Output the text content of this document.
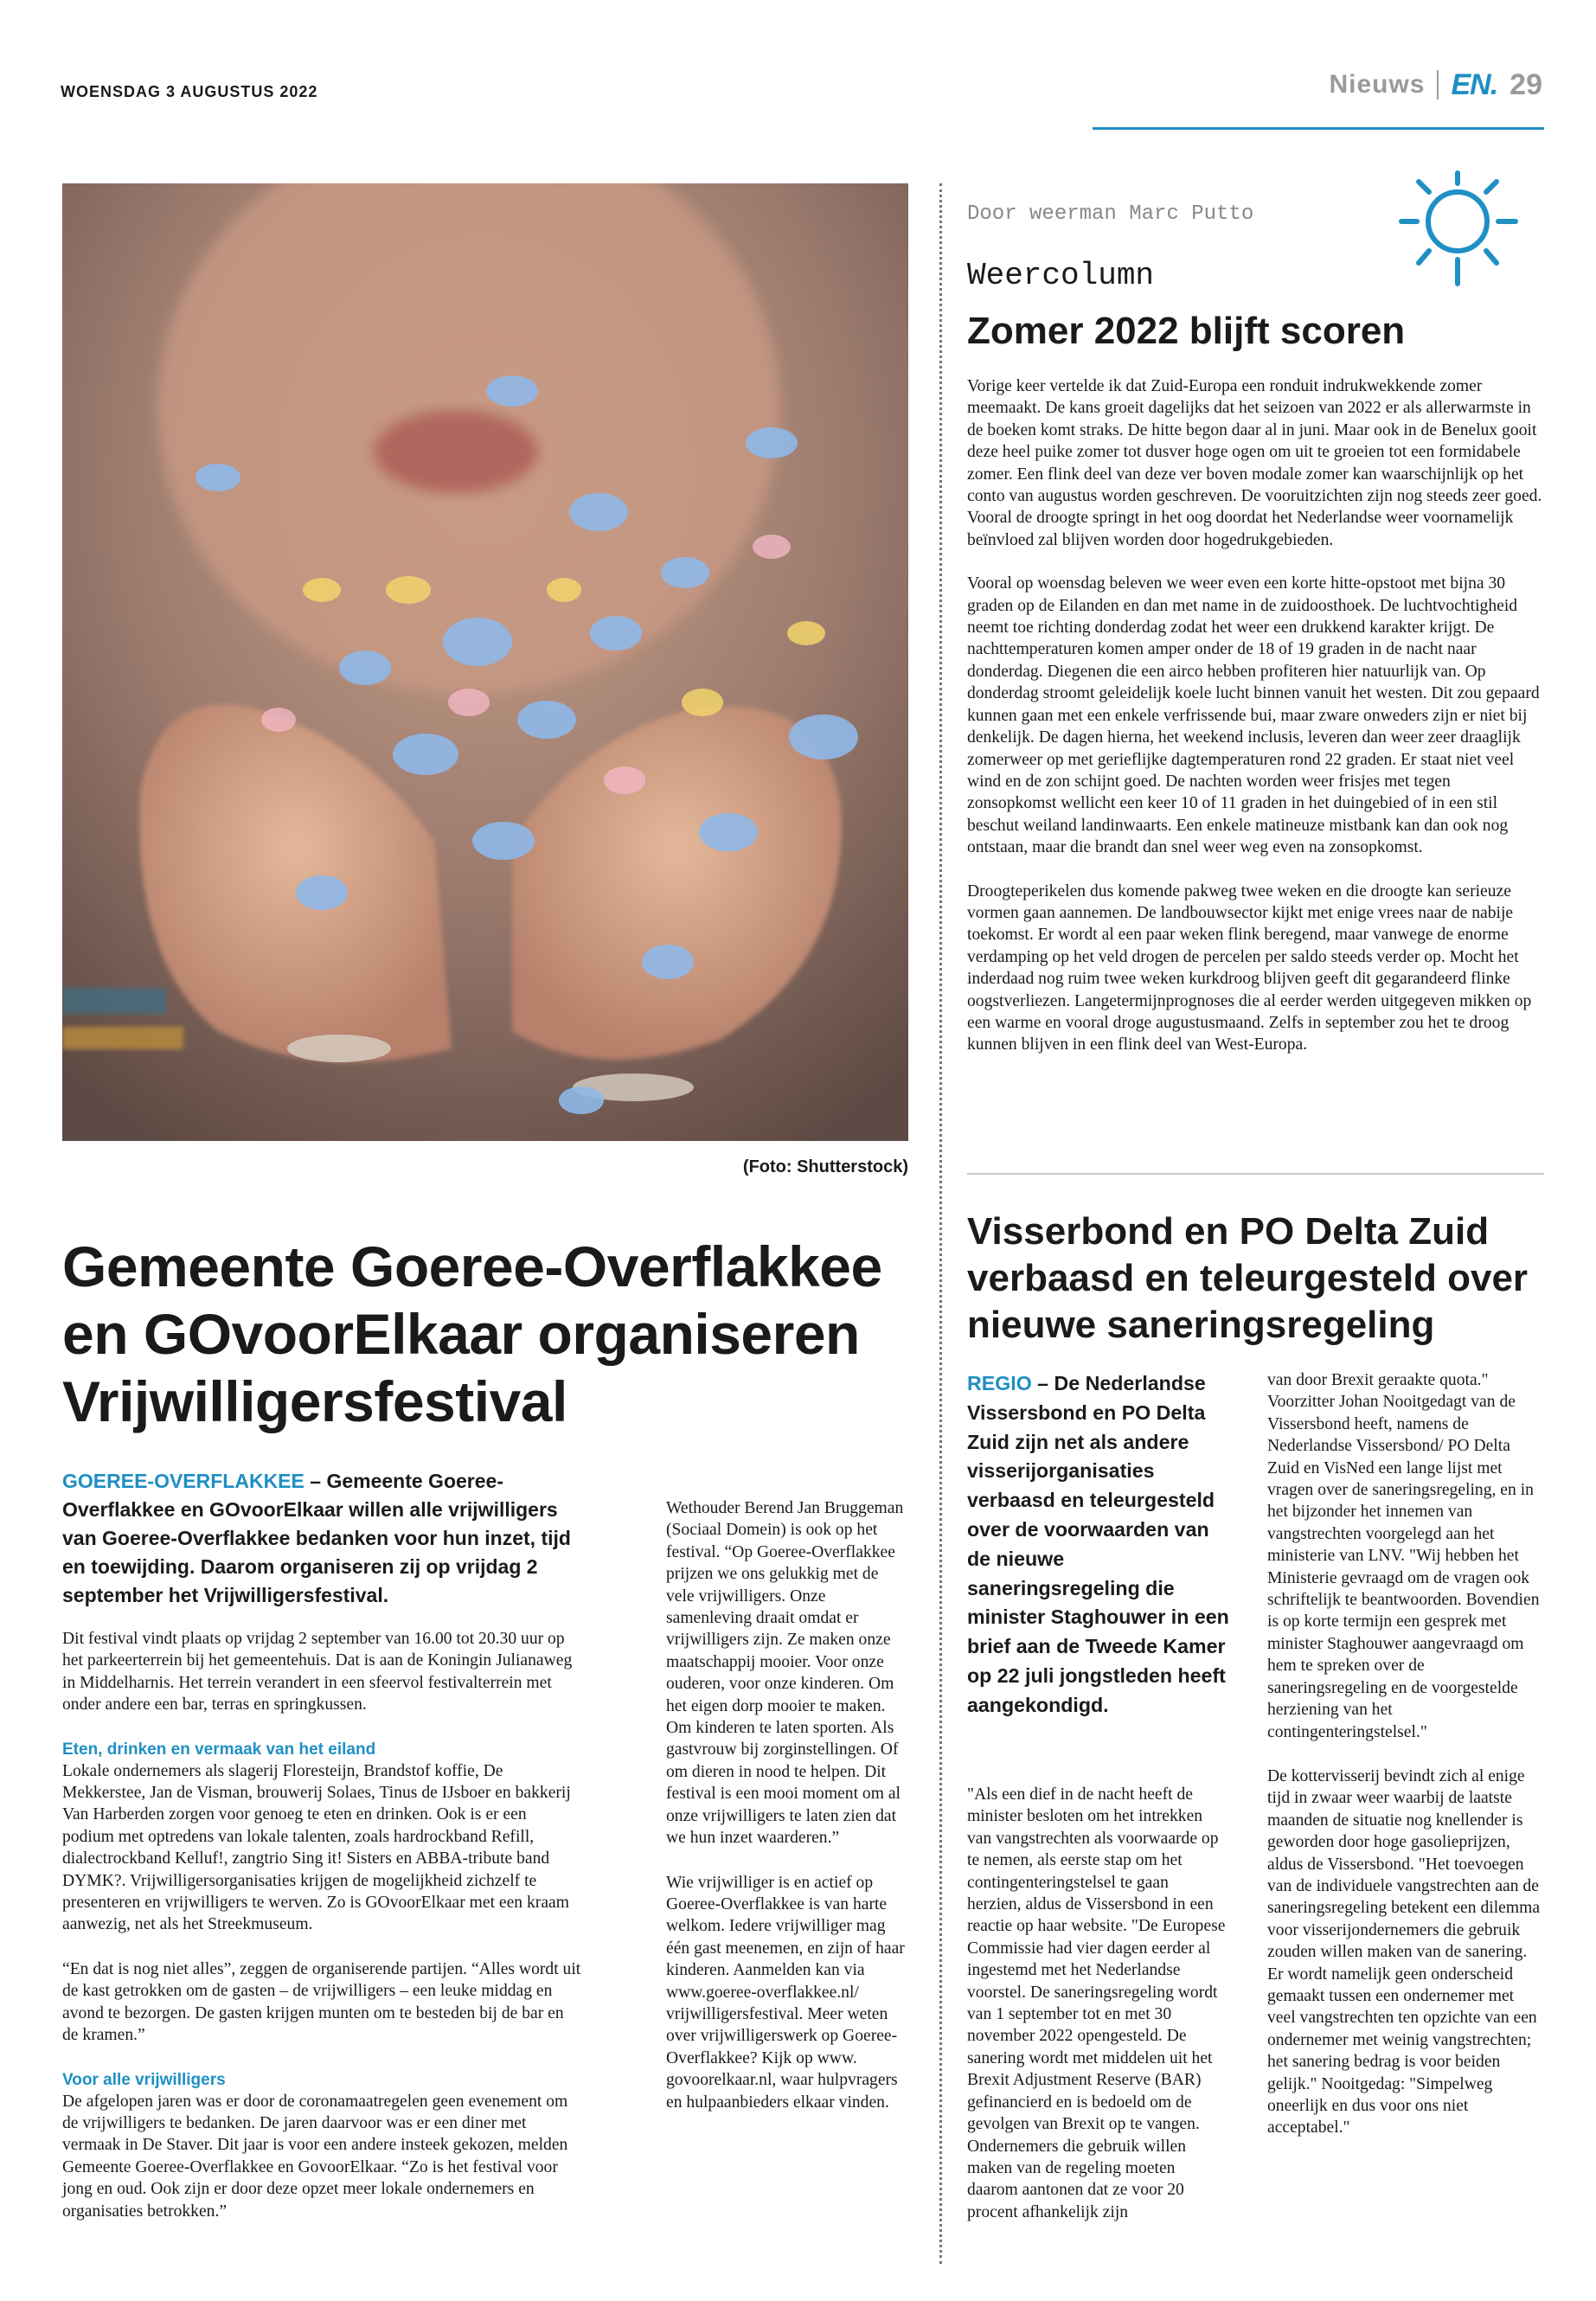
WOENSDAG 3 AUGUSTUS 2022	Nieuws EN. 29
(Foto: Shutterstock)
Door weerman Marc Putto
Weercolumn
Zomer 2022 blijft scoren

Vorige keer vertelde ik dat Zuid-Europa een ronduit indrukwekkende zomer meemaakt. De kans groeit dagelijks dat het seizoen van 2022 er als allerwarmste in de boeken komt straks. De hitte begon daar al in juni. Maar ook in de Benelux gooit deze heel puike zomer tot dusver hoge ogen om uit te groeien tot een formidabele zomer. Een flink deel van deze ver boven modale zomer kan waarschijnlijk op het conto van augustus worden geschreven. De vooruitzichten zijn nog steeds zeer goed. Vooral de droogte springt in het oog doordat het Nederlandse weer voornamelijk beïnvloed zal blijven worden door hogedrukgebieden.

Vooral op woensdag beleven we weer even een korte hitte-opstoot met bijna 30 graden op de Eilanden en dan met name in de zuidoosthoek. De luchtvochtigheid neemt toe richting donderdag zodat het weer een drukkend karakter krijgt. De nachttemperaturen komen amper onder de 18 of 19 graden in de nacht naar donderdag. Diegenen die een airco hebben profiteren hier natuurlijk van. Op donderdag stroomt geleidelijk koele lucht binnen vanuit het westen. Dit zou gepaard kunnen gaan met een enkele verfrissende bui, maar zware onweders zijn er niet bij denkelijk. De dagen hierna, het weekend inclusis, leveren dan weer zeer draaglijk zomerweer op met gerieflijke dagtemperaturen rond 22 graden. Er staat niet veel wind en de zon schijnt goed. De nachten worden weer frisjes met tegen zonsopkomst wellicht een keer 10 of 11 graden in het duingebied of in een stil beschut weiland landinwaarts. Een enkele matineuze mistbank kan dan ook nog ontstaan, maar die brandt dan snel weer weg even na zonsopkomst.

Droogteperikelen dus komende pakweg twee weken en die droogte kan serieuze vormen gaan aannemen. De landbouwsector kijkt met enige vrees naar de nabije toekomst. Er wordt al een paar weken flink beregend, maar vanwege de enorme verdamping op het veld drogen de percelen per saldo steeds verder op. Mocht het inderdaad nog ruim twee weken kurkdroog blijven geeft dit gegarandeerd flinke oogstverliezen. Langetermijnprognoses die al eerder werden uitgegeven mikken op een warme en vooral droge augustusmaand. Zelfs in september zou het te droog kunnen blijven in een flink deel van West-Europa.

Gemeente Goeree-Overflakkee en GOvoorElkaar organiseren Vrijwilligersfestival
GOEREE-OVERFLAKKEE – Gemeente Goeree-Overflakkee en GOvoorElkaar willen alle vrijwilligers van Goeree-Overflakkee bedanken voor hun inzet, tijd en toewijding. Daarom organiseren zij op vrijdag 2 september het Vrijwilligersfestival.

Dit festival vindt plaats op vrijdag 2 september van 16.00 tot 20.30 uur op het parkeerterrein bij het gemeentehuis. Dat is aan de Koningin Julianaweg in Middelharnis. Het terrein verandert in een sfeervol festivalterrein met onder andere een bar, terras en springkussen.

Eten, drinken en vermaak van het eiland

Lokale ondernemers als slagerij Floresteijn, Brandstof koffie, De Mekkerstee, Jan de Visman, brouwerij Solaes, Tinus de IJsboer en bakkerij Van Harberden zorgen voor genoeg te eten en drinken. Ook is er een podium met optredens van lokale talenten, zoals hardrockband Refill, dialectrockband Kelluf!, zangtrio Sing it! Sisters en ABBA-tribute band DYMK?. Vrijwilligersorganisaties krijgen de mogelijkheid zichzelf te presenteren en vrijwilligers te werven. Zo is GOvoorElkaar met een kraam aanwezig, net als het Streekmuseum.

“En dat is nog niet alles”, zeggen de organiserende partijen. “Alles wordt uit de kast getrokken om de gasten – de vrijwilligers – een leuke middag en avond te bezorgen. De gasten krijgen munten om te besteden bij de bar en de kramen.”

Voor alle vrijwilligers

De afgelopen jaren was er door de coronamaatregelen geen evenement om de vrijwilligers te bedanken. De jaren daarvoor was er een diner met vermaak in De Staver. Dit jaar is voor een andere insteek gekozen, melden Gemeente Goeree-Overflakkee en GovoorElkaar. “Zo is het festival voor jong en oud. Ook zijn er door deze opzet meer lokale ondernemers en organisaties betrokken.”

Wethouder Berend Jan Bruggeman (Sociaal Domein) is ook op het festival. “Op Goeree-Overflakkee prijzen we ons gelukkig met de vele vrijwilligers. Onze samenleving draait omdat er vrijwilligers zijn. Ze maken onze maatschappij mooier. Voor onze ouderen, voor onze kinderen. Om het eigen dorp mooier te maken. Om kinderen te laten sporten. Als gastvrouw bij zorginstellingen. Of om dieren in nood te helpen. Dit festival is een mooi moment om al onze vrijwilligers te laten zien dat we hun inzet waarderen.”

Wie vrijwilliger is en actief op Goeree-Overflakkee is van harte welkom. Iedere vrijwilliger mag één gast meenemen, en zijn of haar kinderen. Aanmelden kan via www.goeree-overflakkee.nl/ vrijwilligersfestival. Meer weten over vrijwilligerswerk op Goeree-Overflakkee? Kijk op www. govoorelkaar.nl, waar hulpvragers en hulpaanbieders elkaar vinden.

Visserbond en PO Delta Zuid verbaasd en teleurgesteld over nieuwe saneringsregeling
REGIO – De Nederlandse Vissersbond en PO Delta Zuid zijn net als andere visserijorganisaties verbaasd en teleurgesteld over de voorwaarden van de nieuwe saneringsregeling die minister Staghouwer in een brief aan de Tweede Kamer op 22 juli jongstleden heeft aangekondigd.
"Als een dief in de nacht heeft de minister besloten om het intrekken van vangstrechten als voorwaarde op te nemen, als eerste stap om het contingenteringstelsel te gaan herzien, aldus de Vissersbond in een reactie op haar website. "De Europese Commissie had vier dagen eerder al ingestemd met het Nederlandse voorstel. De saneringsregeling wordt van 1 september tot en met 30 november 2022 opengesteld. De sanering wordt met middelen uit het Brexit Adjustment Reserve (BAR) gefinancierd en is bedoeld om de gevolgen van Brexit op te vangen. Ondernemers die gebruik willen maken van de regeling moeten daarom aantonen dat ze voor 20 procent afhankelijk zijn

van door Brexit geraakte quota." Voorzitter Johan Nooitgedagt van de Vissersbond heeft, namens de Nederlandse Vissersbond/ PO Delta Zuid en VisNed een lange lijst met vragen over de saneringsregeling, en in het bijzonder het innemen van vangstrechten voorgelegd aan het ministerie van LNV. "Wij hebben het Ministerie gevraagd om de vragen ook schriftelijk te beantwoorden. Bovendien is op korte termijn een gesprek met minister Staghouwer aangevraagd om hem te spreken over de saneringsregeling en de voorgestelde herziening van het contingenteringstelsel."

De kottervisserij bevindt zich al enige tijd in zwaar weer waarbij de laatste maanden de situatie nog knellender is geworden door hoge gasolieprijzen, aldus de Vissersbond. "Het toevoegen van de individuele vangstrechten aan de saneringsregeling betekent een dilemma voor visserijondernemers die gebruik zouden willen maken van de sanering. Er wordt namelijk geen onderscheid gemaakt tussen een ondernemer met veel vangstrechten ten opzichte van een ondernemer met weinig vangstrechten; het sanering bedrag is voor beiden gelijk." Nooitgedag: "Simpelweg oneerlijk en dus voor ons niet acceptabel."
